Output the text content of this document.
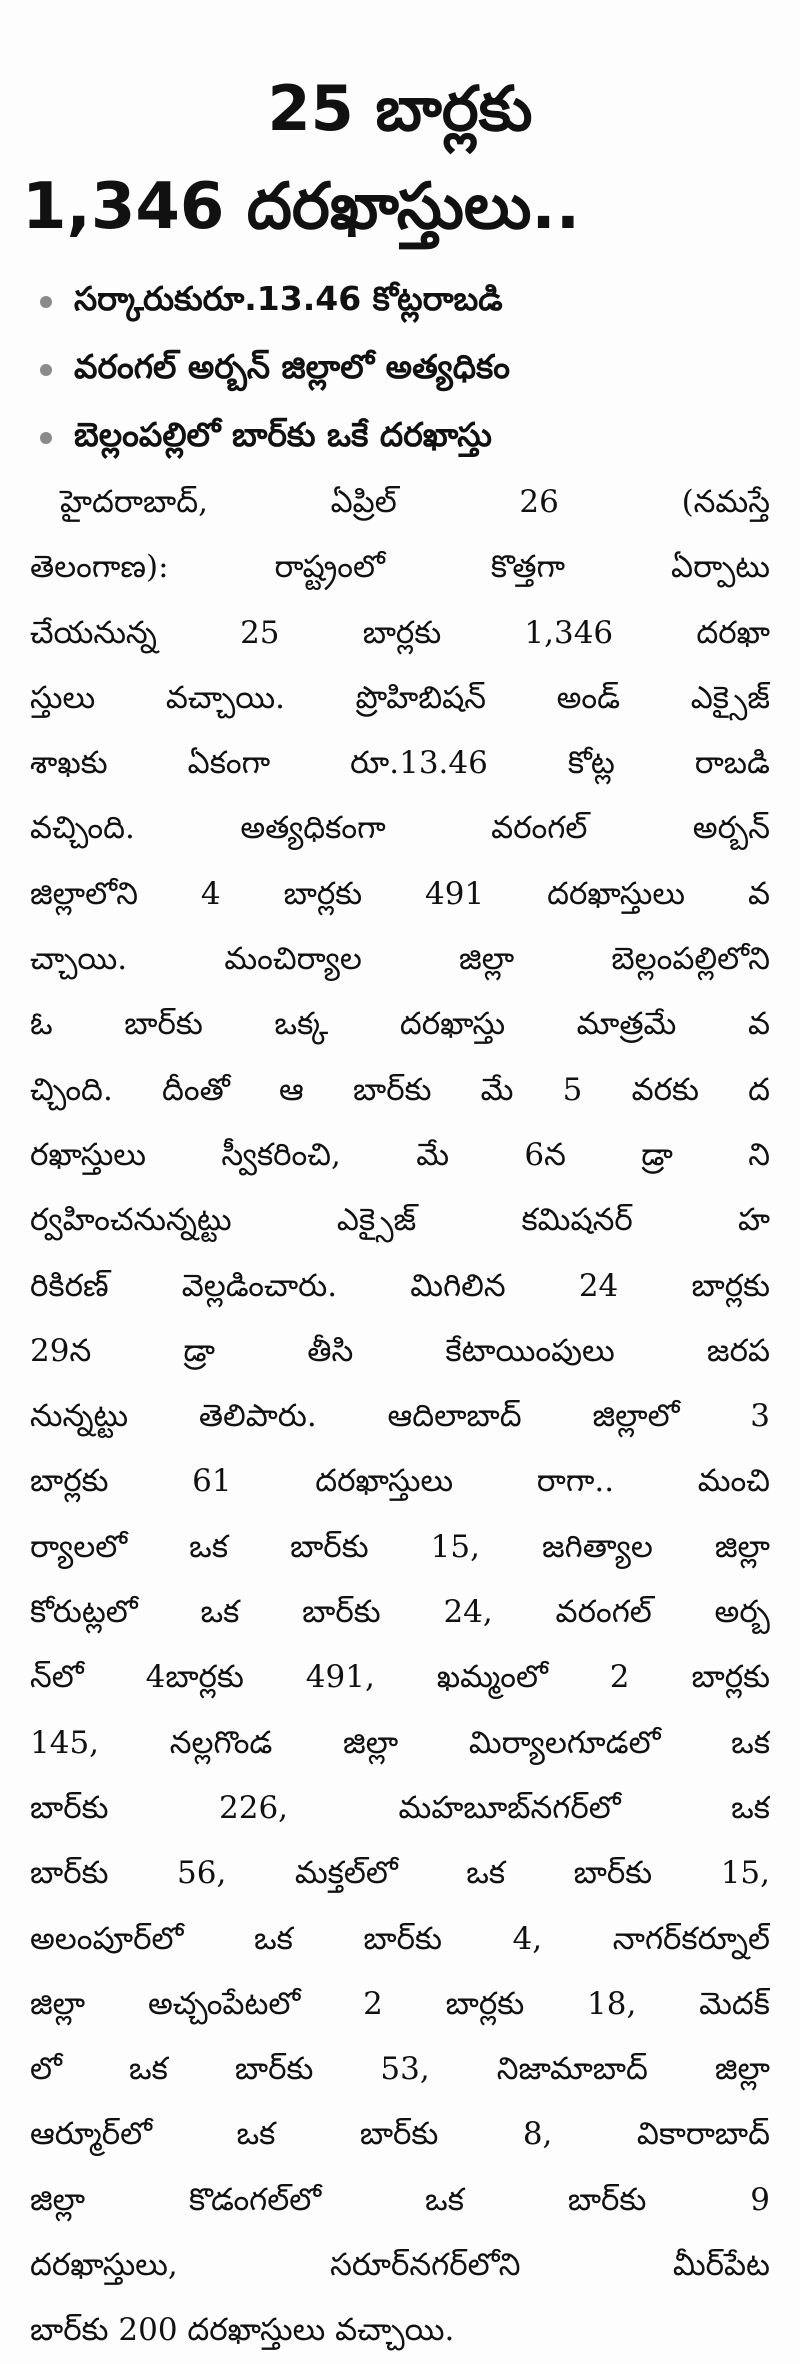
25 బార్లకు
1,346 దరఖాస్తులు..
సర్కారుకురూ.13.46 కోట్లరాబడి
వరంగల్ అర్బన్ జిల్లాలో అత్యధికం
బెల్లంపల్లిలో బార్‌కు ఒకే దరఖాస్తు
హైదరాబాద్, ఏప్రిల్ 26 (నమస్తే
తెలంగాణ): రాష్ట్రంలో కొత్తగా ఏర్పాటు
చేయనున్న 25 బార్లకు 1,346 దరఖా
స్తులు వచ్చాయి. ప్రొహిబిషన్ అండ్ ఎక్సైజ్
శాఖకు ఏకంగా రూ.13.46 కోట్ల రాబడి
వచ్చింది. అత్యధికంగా వరంగల్ అర్బన్
జిల్లాలోని 4 బార్లకు 491 దరఖాస్తులు వ
చ్చాయి. మంచిర్యాల జిల్లా బెల్లంపల్లిలోని
ఓ బార్‌కు ఒక్క దరఖాస్తు మాత్రమే వ
చ్చింది. దీంతో ఆ బార్‌కు మే 5 వరకు ద
రఖాస్తులు స్వీకరించి, మే 6న డ్రా ని
ర్వహించనున్నట్టు ఎక్సైజ్ కమిషనర్ హ
రికిరణ్ వెల్లడించారు. మిగిలిన 24 బార్లకు
29న డ్రా తీసి కేటాయింపులు జరప
నున్నట్టు తెలిపారు. ఆదిలాబాద్ జిల్లాలో 3
బార్లకు 61 దరఖాస్తులు రాగా.. మంచి
ర్యాలలో ఒక బార్‌కు 15, జగిత్యాల జిల్లా
కోరుట్లలో ఒక బార్‌కు 24, వరంగల్ అర్బ
న్‌లో 4బార్లకు 491, ఖమ్మంలో 2 బార్లకు
145, నల్లగొండ జిల్లా మిర్యాలగూడలో ఒక
బార్‌కు 226, మహబూబ్‌నగర్‌లో ఒక
బార్‌కు 56, మక్తల్‌లో ఒక బార్‌కు 15,
అలంపూర్‌లో ఒక బార్‌కు 4, నాగర్‌కర్నూల్
జిల్లా అచ్చంపేటలో 2 బార్లకు 18, మెదక్
లో ఒక బార్‌కు 53, నిజామాబాద్ జిల్లా
ఆర్మూర్‌లో ఒక బార్‌కు 8, వికారాబాద్
జిల్లా కొడంగల్‌లో ఒక బార్‌కు 9
దరఖాస్తులు, సరూర్‌నగర్‌లోని మీర్‌పేట
బార్‌కు 200 దరఖాస్తులు వచ్చాయి.
